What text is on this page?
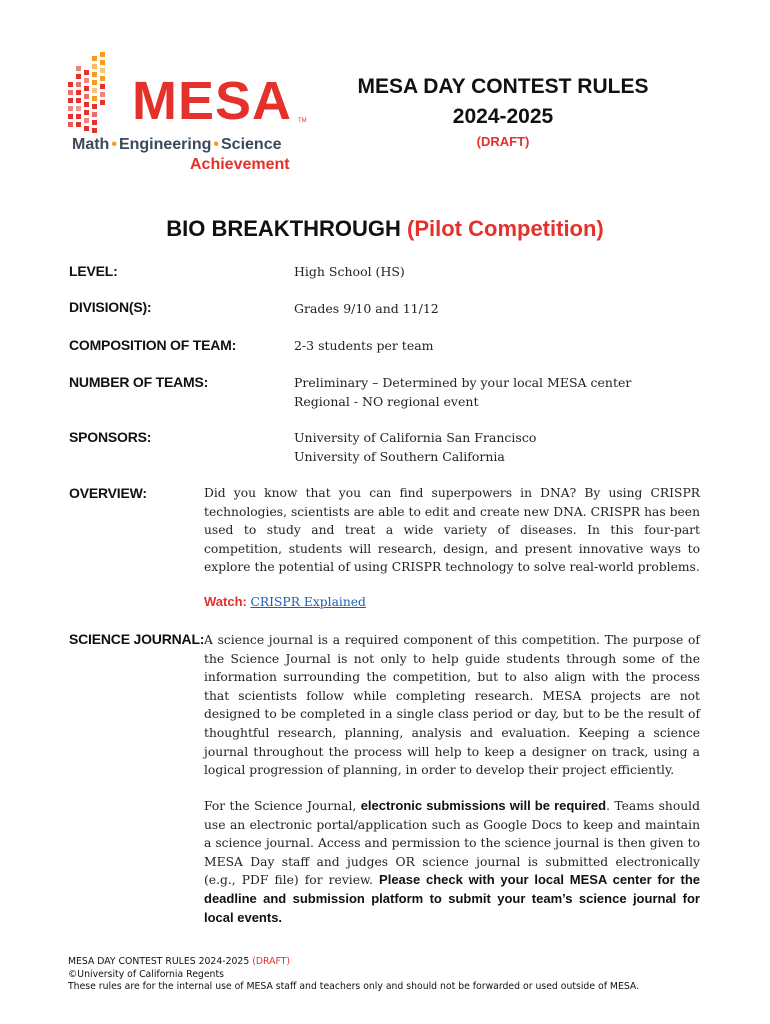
MESA TM
Math • Engineering • Science
Achievement
MESA DAY CONTEST RULES
2024-2025
(DRAFT)
BIO BREAKTHROUGH (Pilot Competition)
LEVEL:	High School (HS)
DIVISION(S):	Grades 9/10 and 11/12
COMPOSITION OF TEAM:	2-3 students per team
NUMBER OF TEAMS:	Preliminary – Determined by your local MESA center
Regional - NO regional event
SPONSORS:	University of California San Francisco
University of Southern California
OVERVIEW:	Did you know that you can find superpowers in DNA? By using CRISPR technologies, scientists are able to edit and create new DNA. CRISPR has been used to study and treat a wide variety of diseases. In this four-part competition, students will research, design, and present innovative ways to explore the potential of using CRISPR technology to solve real-world problems.
Watch: CRISPR Explained
SCIENCE JOURNAL: A science journal is a required component of this competition. The purpose of the Science Journal is not only to help guide students through some of the information surrounding the competition, but to also align with the process that scientists follow while completing research. MESA projects are not designed to be completed in a single class period or day, but to be the result of thoughtful research, planning, analysis and evaluation. Keeping a science journal throughout the process will help to keep a designer on track, using a logical progression of planning, in order to develop their project efficiently.
For the Science Journal, electronic submissions will be required. Teams should use an electronic portal/application such as Google Docs to keep and maintain a science journal. Access and permission to the science journal is then given to MESA Day staff and judges OR science journal is submitted electronically (e.g., PDF file) for review. Please check with your local MESA center for the deadline and submission platform to submit your team’s science journal for local events.
MESA DAY CONTEST RULES 2024-2025 (DRAFT)
©University of California Regents
These rules are for the internal use of MESA staff and teachers only and should not be forwarded or used outside of MESA.
